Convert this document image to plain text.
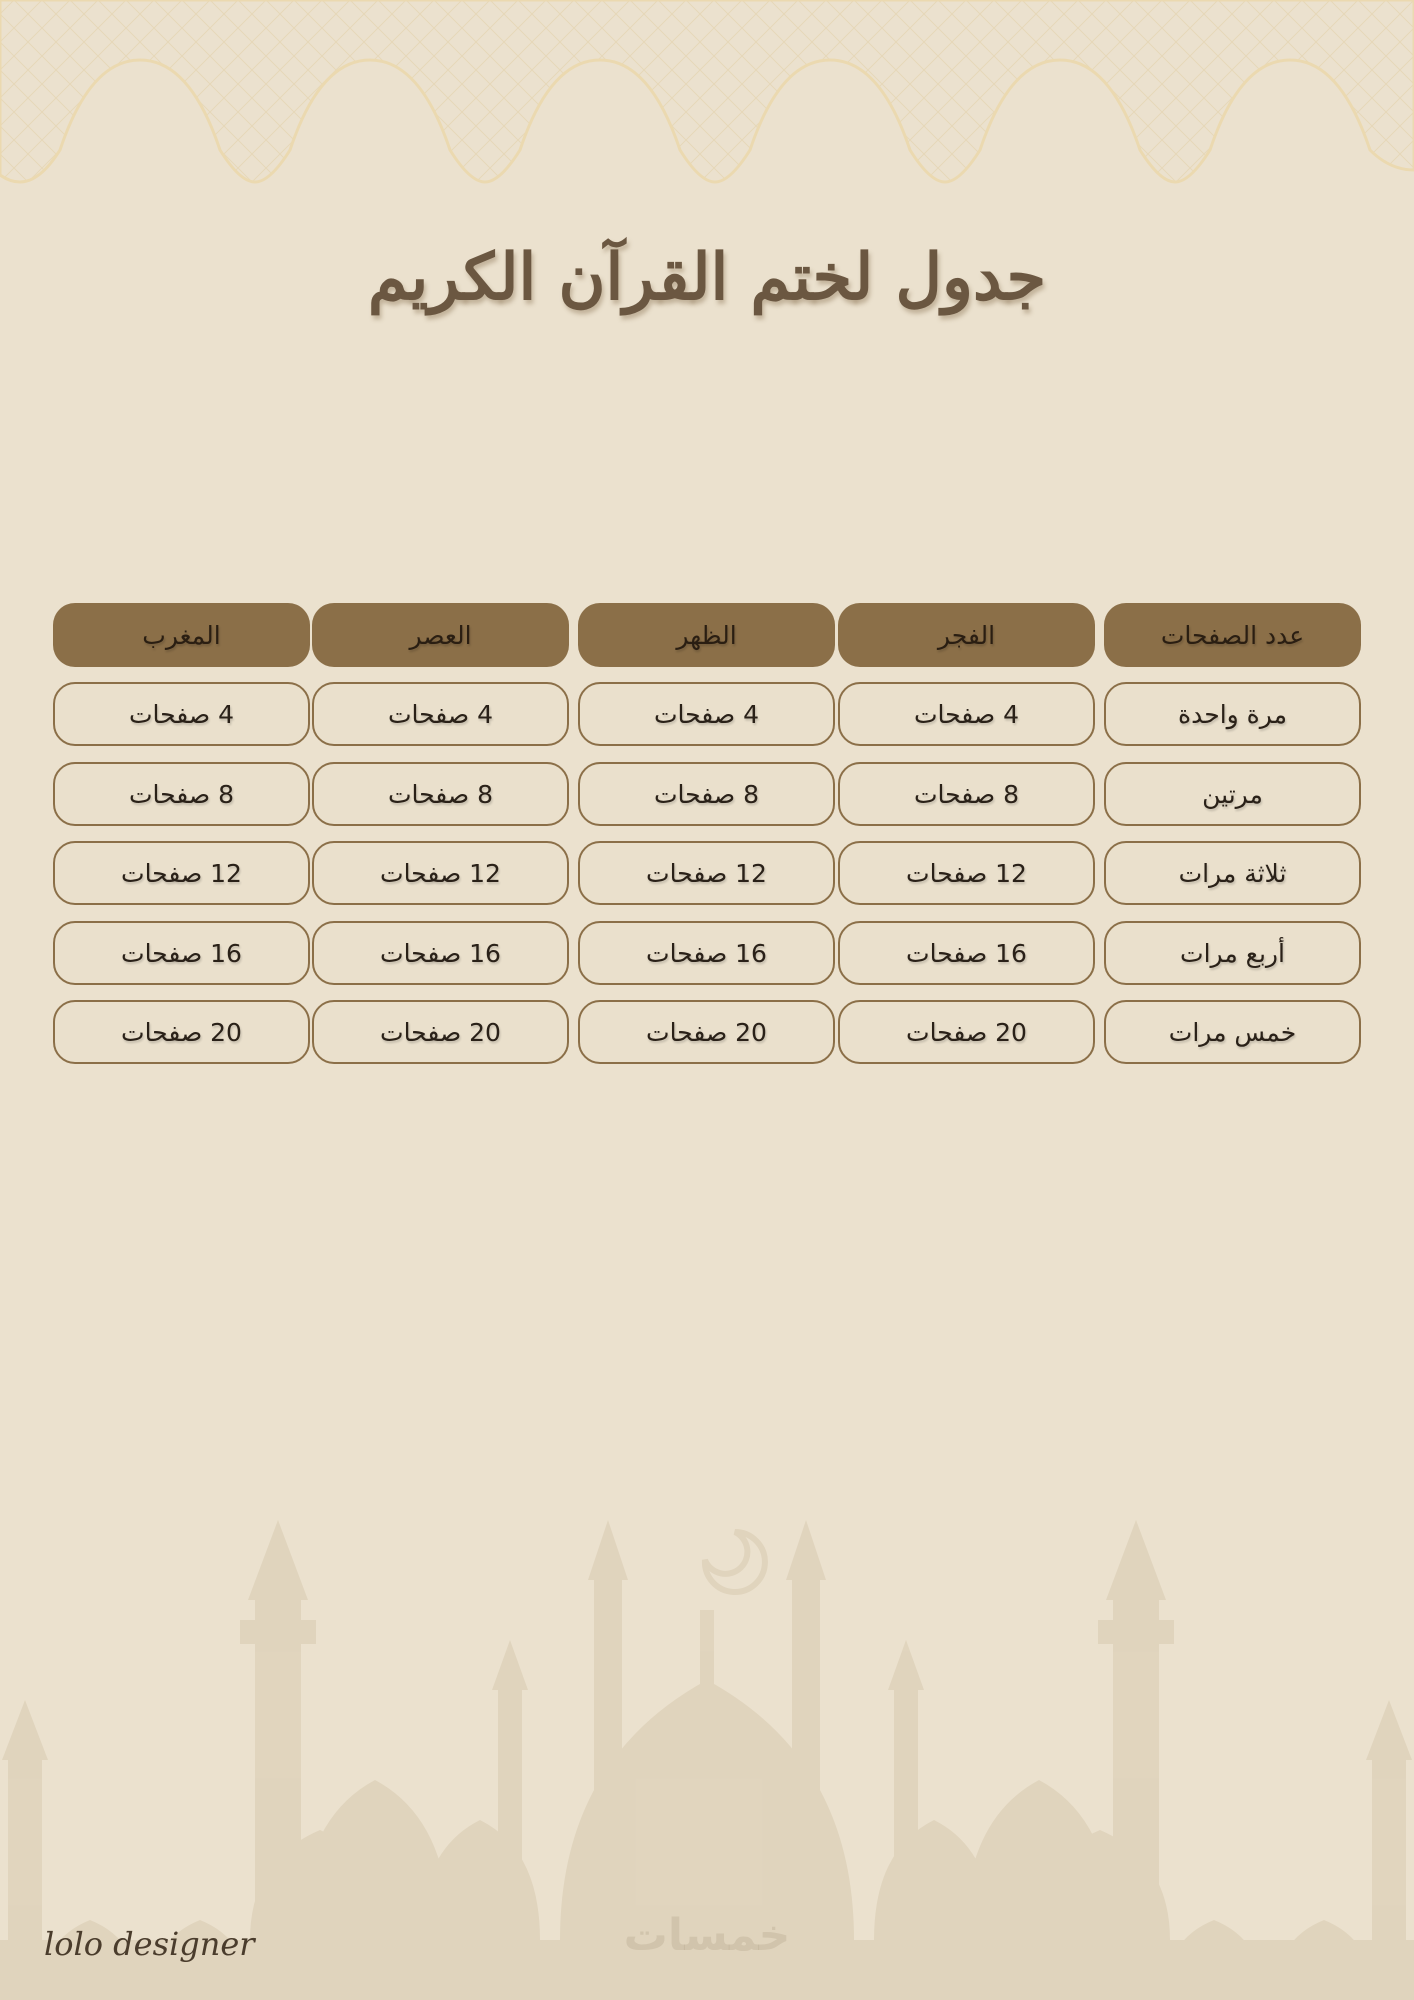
جدول لختم القرآن الكريم
عدد الصفحات
الفجر
الظهر
العصر
المغرب
مرة واحدة
4 صفحات
4 صفحات
4 صفحات
4 صفحات
مرتين
8 صفحات
8 صفحات
8 صفحات
8 صفحات
ثلاثة مرات
12 صفحات
12 صفحات
12 صفحات
12 صفحات
أربع مرات
16 صفحات
16 صفحات
16 صفحات
16 صفحات
خمس مرات
20 صفحات
20 صفحات
20 صفحات
20 صفحات
lolo designer	خمسات
